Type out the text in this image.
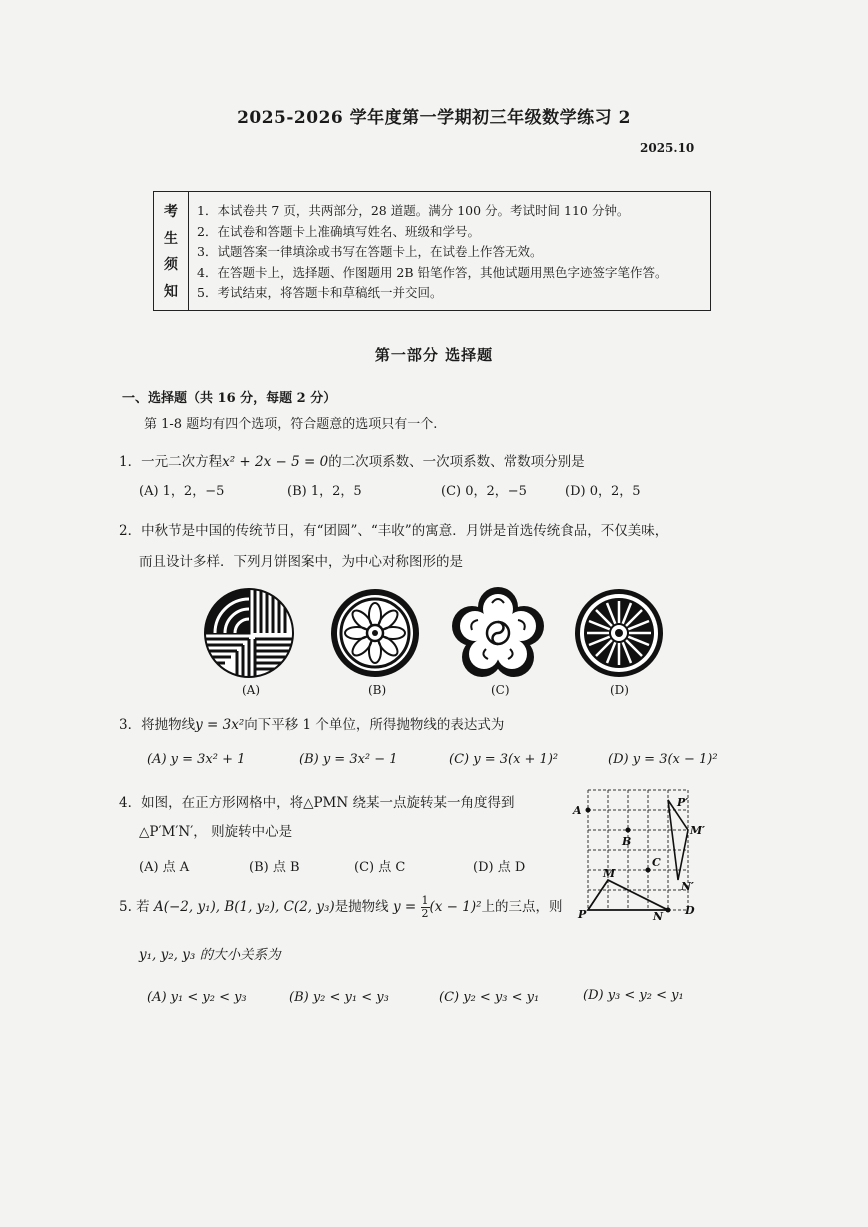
2025-2026 学年度第一学期初三年级数学练习 2
2025.10
考
生
须
知
1．本试卷共 7 页，共两部分，28 道题。满分 100 分。考试时间 110 分钟。
2．在试卷和答题卡上准确填写姓名、班级和学号。
3．试题答案一律填涂或书写在答题卡上，在试卷上作答无效。
4．在答题卡上，选择题、作图题用 2B 铅笔作答，其他试题用黑色字迹签字笔作答。
5．考试结束，将答题卡和草稿纸一并交回。
第一部分 选择题
一、选择题（共 16 分，每题 2 分）
第 1-8 题均有四个选项，符合题意的选项只有一个.
1．一元二次方程x² + 2x − 5 = 0的二次项系数、一次项系数、常数项分别是
(A) 1，2，−5	(B) 1，2，5	(C) 0，2，−5	(D) 0，2，5
2．中秋节是中国的传统节日，有“团圆”、“丰收”的寓意．月饼是首选传统食品，不仅美味，
而且设计多样．下列月饼图案中，为中心对称图形的是
(A)	(B)	(C)	(D)
3．将抛物线y = 3x²向下平移 1 个单位，所得抛物线的表达式为
(A) y = 3x² + 1	(B) y = 3x² − 1	(C) y = 3(x + 1)²	(D) y = 3(x − 1)²
4．如图，在正方形网格中，将△PMN 绕某一点旋转某一角度得到
△P′M′N′， 则旋转中心是
(A) 点 A	(B) 点 B	(C) 点 C	(D) 点 D
A
B
C
D
M
P	N
P′
M′
N′
5. 若 A(−2, y₁), B(1, y₂), C(2, y₃)是抛物线 $y = \frac{1}{2} (x - 1)^2$上的三点，则
y₁, y₂, y₃ 的大小关系为
(A) y₁ < y₂ < y₃	(B) y₂ < y₁ < y₃	(C) y₂ < y₃ < y₁	(D) y₃ < y₂ < y₁
